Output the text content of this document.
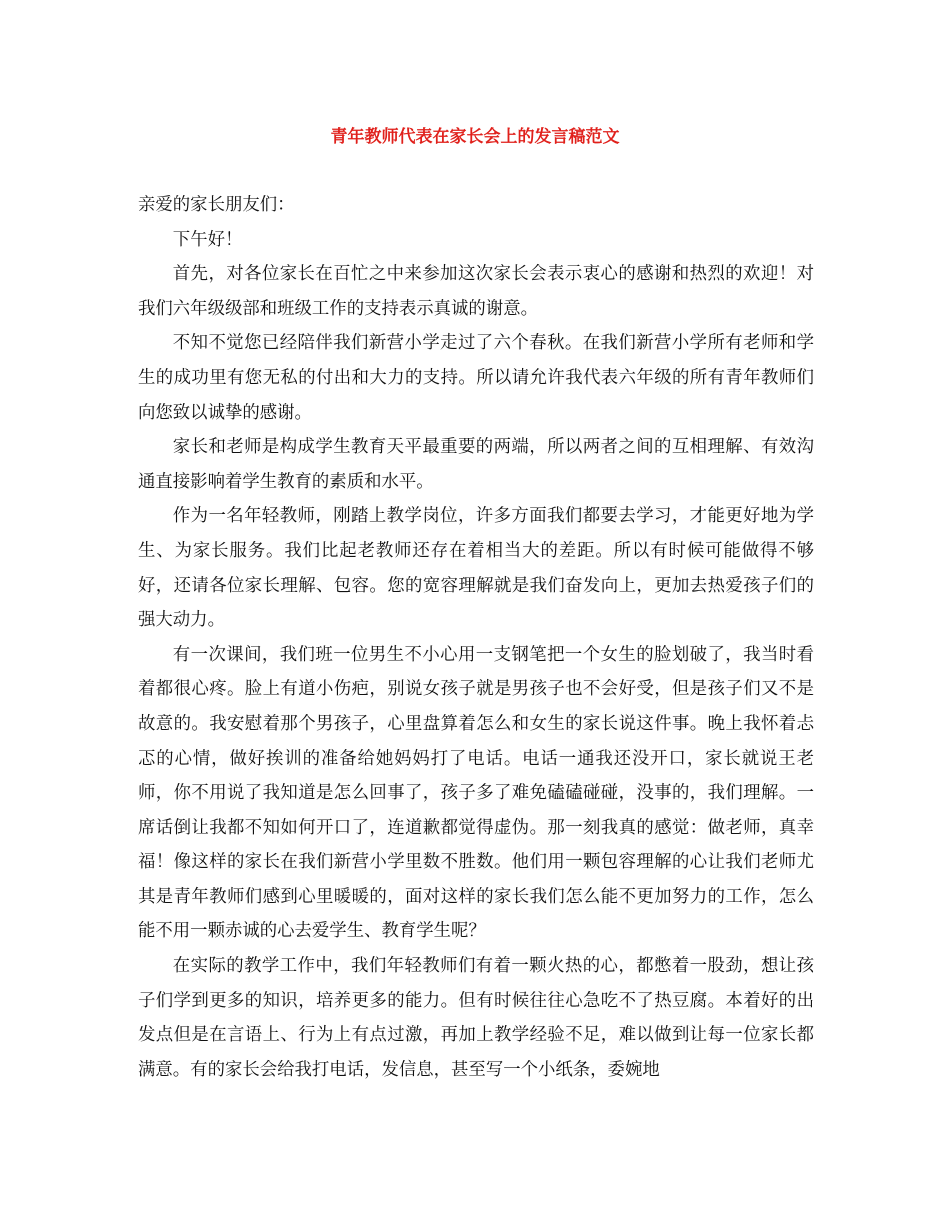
青年教师代表在家长会上的发言稿范文

亲爱的家长朋友们：

下午好！

首先，对各位家长在百忙之中来参加这次家长会表示衷心的感谢和热烈的欢迎！对我们六年级级部和班级工作的支持表示真诚的谢意。

不知不觉您已经陪伴我们新营小学走过了六个春秋。在我们新营小学所有老师和学生的成功里有您无私的付出和大力的支持。所以请允许我代表六年级的所有青年教师们向您致以诚挚的感谢。

家长和老师是构成学生教育天平最重要的两端，所以两者之间的互相理解、有效沟通直接影响着学生教育的素质和水平。

作为一名年轻教师，刚踏上教学岗位，许多方面我们都要去学习，才能更好地为学生、为家长服务。我们比起老教师还存在着相当大的差距。所以有时候可能做得不够好，还请各位家长理解、包容。您的宽容理解就是我们奋发向上，更加去热爱孩子们的强大动力。

有一次课间，我们班一位男生不小心用一支钢笔把一个女生的脸划破了，我当时看着都很心疼。脸上有道小伤疤，别说女孩子就是男孩子也不会好受，但是孩子们又不是故意的。我安慰着那个男孩子，心里盘算着怎么和女生的家长说这件事。晚上我怀着忐忑的心情，做好挨训的准备给她妈妈打了电话。电话一通我还没开口，家长就说王老师，你不用说了我知道是怎么回事了，孩子多了难免磕磕碰碰，没事的，我们理解。一席话倒让我都不知如何开口了，连道歉都觉得虚伪。那一刻我真的感觉：做老师，真幸福！像这样的家长在我们新营小学里数不胜数。他们用一颗包容理解的心让我们老师尤其是青年教师们感到心里暖暖的，面对这样的家长我们怎么能不更加努力的工作，怎么能不用一颗赤诚的心去爱学生、教育学生呢？

在实际的教学工作中，我们年轻教师们有着一颗火热的心，都憋着一股劲，想让孩子们学到更多的知识，培养更多的能力。但有时候往往心急吃不了热豆腐。本着好的出发点但是在言语上、行为上有点过激，再加上教学经验不足，难以做到让每一位家长都满意。有的家长会给我打电话，发信息，甚至写一个小纸条，委婉地
